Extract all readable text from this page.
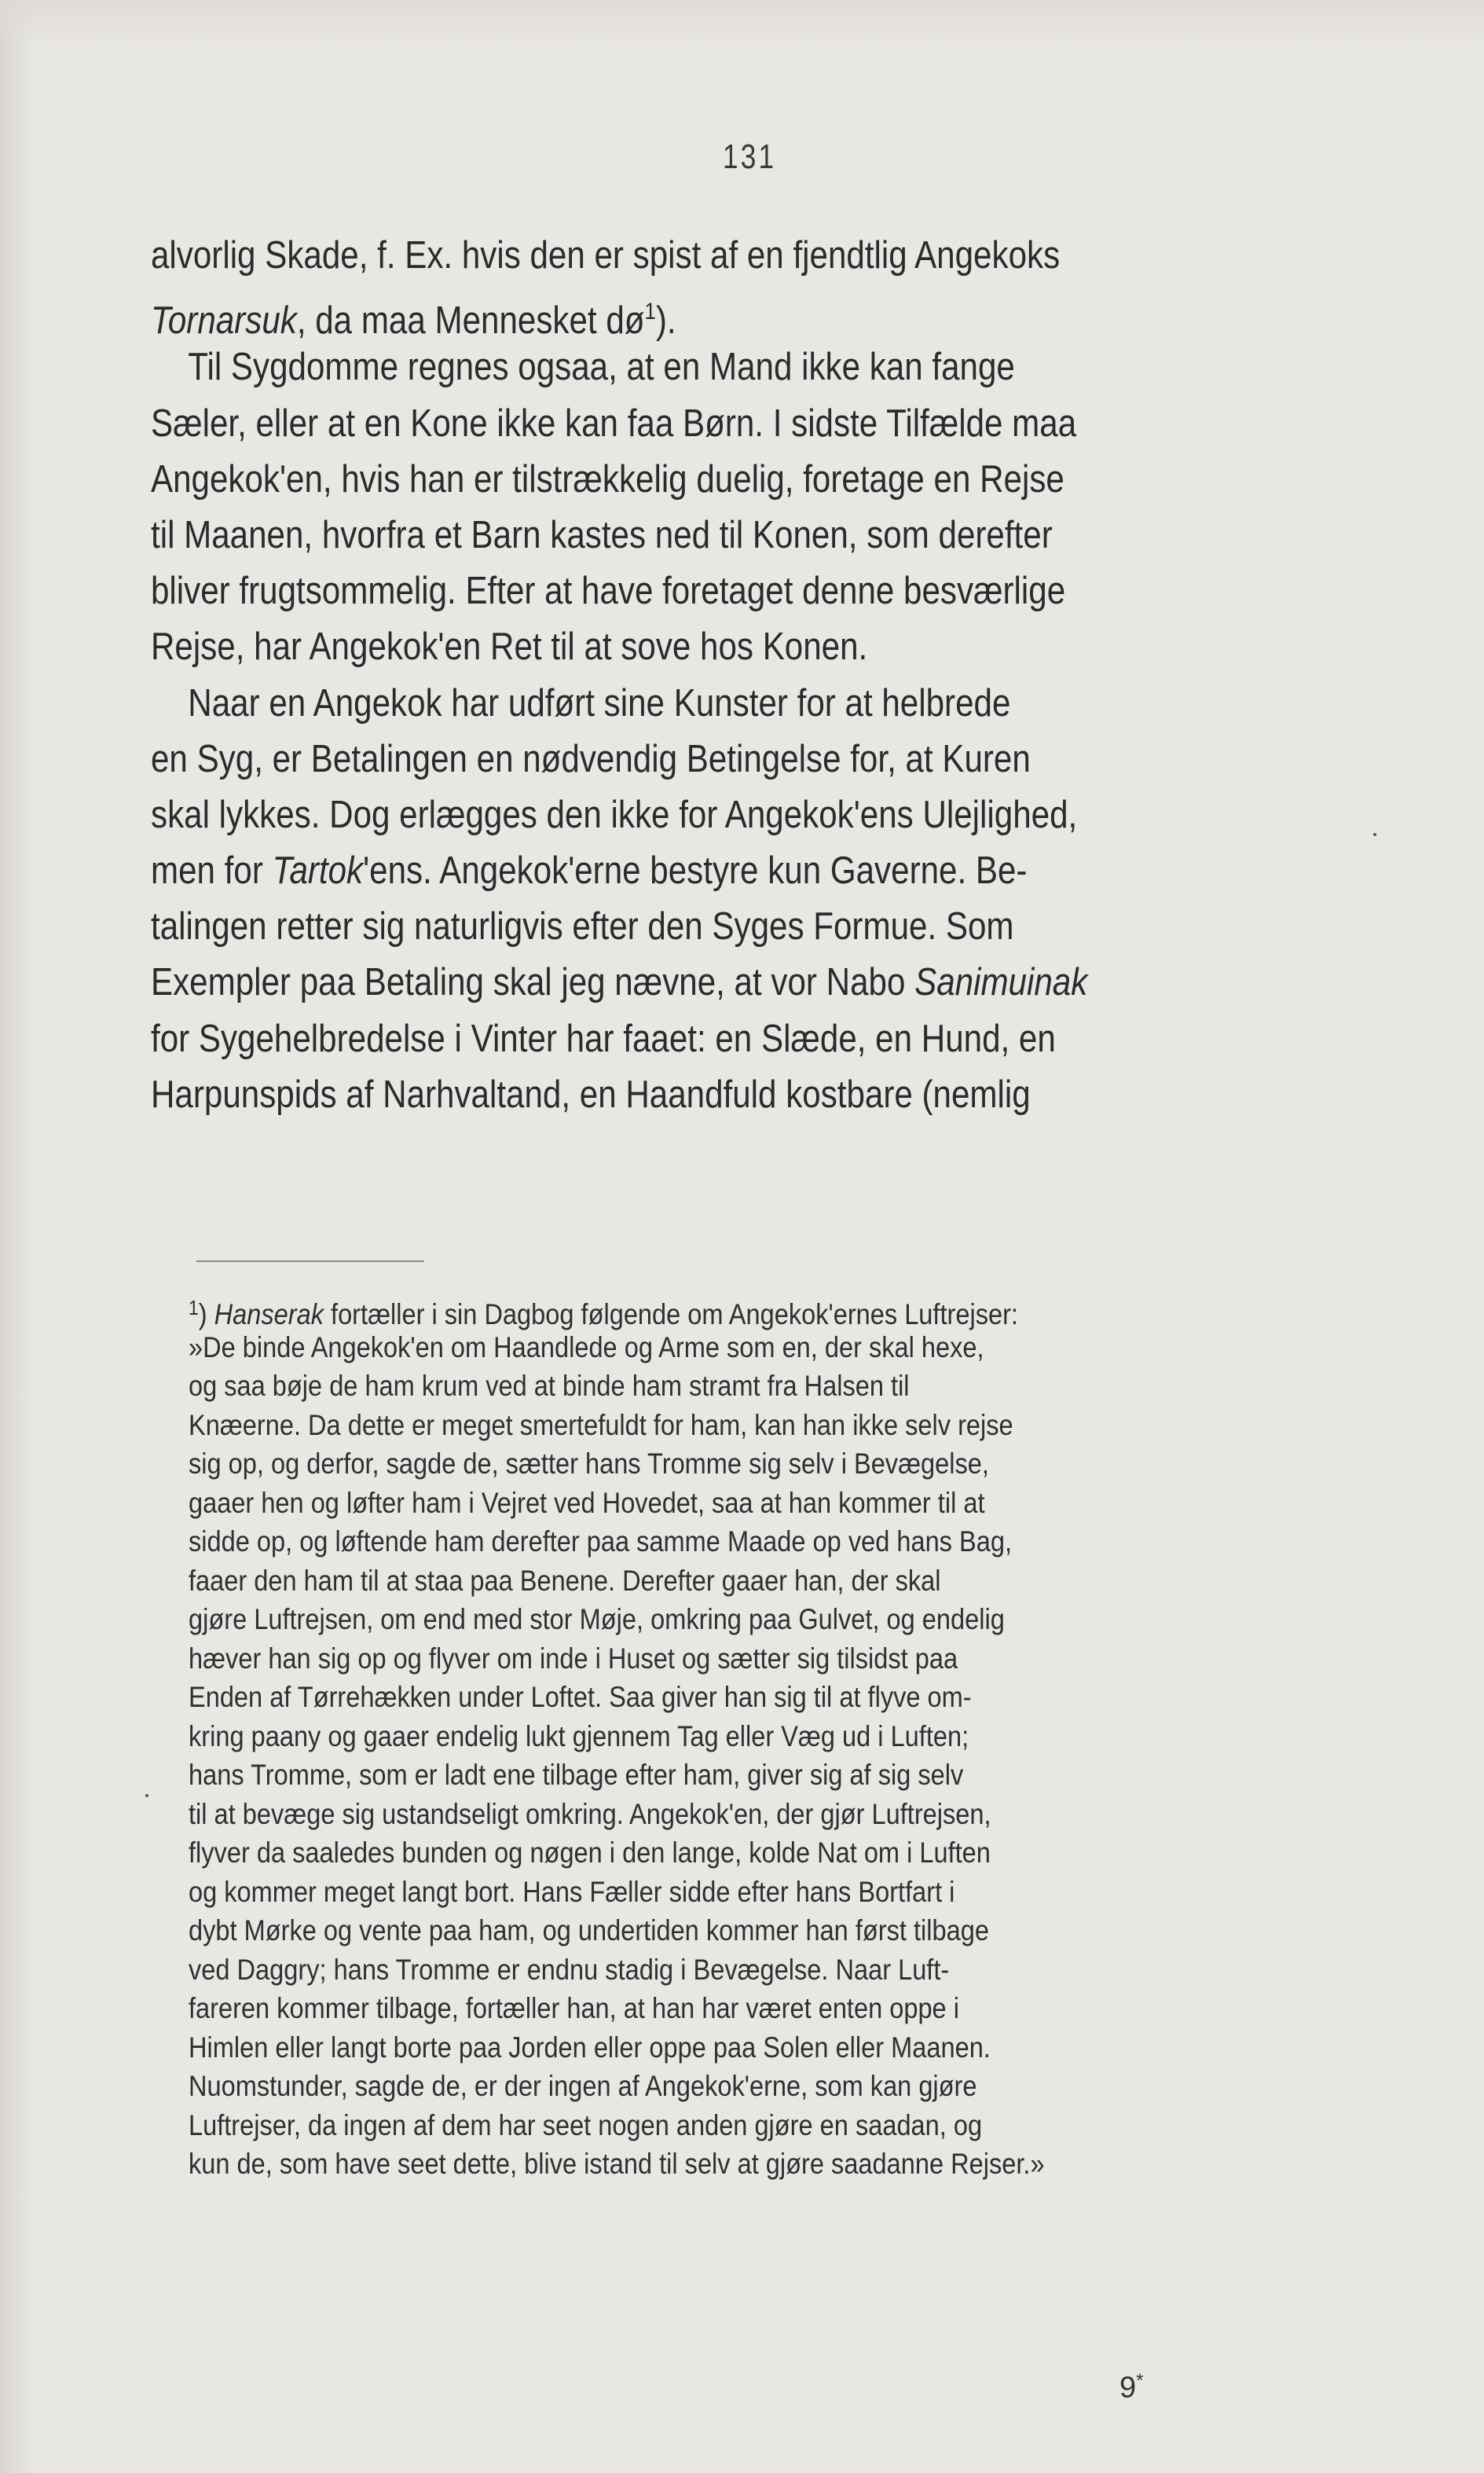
131
alvorlig Skade, f. Ex. hvis den er spist af en fjendtlig Angekoks
Tornarsuk, da maa Mennesket dø$^1$).
Til Sygdomme regnes ogsaa, at en Mand ikke kan fange
Sæler, eller at en Kone ikke kan faa Børn. I sidste Tilfælde maa
Angekok'en, hvis han er tilstrækkelig duelig, foretage en Rejse
til Maanen, hvorfra et Barn kastes ned til Konen, som derefter
bliver frugtsommelig. Efter at have foretaget denne besværlige
Rejse, har Angekok'en Ret til at sove hos Konen.
Naar en Angekok har udført sine Kunster for at helbrede
en Syg, er Betalingen en nødvendig Betingelse for, at Kuren
skal lykkes. Dog erlægges den ikke for Angekok'ens Ulejlighed,
men for Tartok'ens. Angekok'erne bestyre kun Gaverne. Be-
talingen retter sig naturligvis efter den Syges Formue. Som
Exempler paa Betaling skal jeg nævne, at vor Nabo Sanimuinak
for Sygehelbredelse i Vinter har faaet: en Slæde, en Hund, en
Harpunspids af Narhvaltand, en Haandfuld kostbare (nemlig
$^1$) Hanserak fortæller i sin Dagbog følgende om Angekok'ernes Luftrejser:
»De binde Angekok'en om Haandlede og Arme som en, der skal hexe,
og saa bøje de ham krum ved at binde ham stramt fra Halsen til
Knæerne. Da dette er meget smertefuldt for ham, kan han ikke selv rejse
sig op, og derfor, sagde de, sætter hans Tromme sig selv i Bevægelse,
gaaer hen og løfter ham i Vejret ved Hovedet, saa at han kommer til at
sidde op, og løftende ham derefter paa samme Maade op ved hans Bag,
faaer den ham til at staa paa Benene. Derefter gaaer han, der skal
gjøre Luftrejsen, om end med stor Møje, omkring paa Gulvet, og endelig
hæver han sig op og flyver om inde i Huset og sætter sig tilsidst paa
Enden af Tørrehækken under Loftet. Saa giver han sig til at flyve om-
kring paany og gaaer endelig lukt gjennem Tag eller Væg ud i Luften;
hans Tromme, som er ladt ene tilbage efter ham, giver sig af sig selv
til at bevæge sig ustandseligt omkring. Angekok'en, der gjør Luftrejsen,
flyver da saaledes bunden og nøgen i den lange, kolde Nat om i Luften
og kommer meget langt bort. Hans Fæller sidde efter hans Bortfart i
dybt Mørke og vente paa ham, og undertiden kommer han først tilbage
ved Daggry; hans Tromme er endnu stadig i Bevægelse. Naar Luft-
fareren kommer tilbage, fortæller han, at han har været enten oppe i
Himlen eller langt borte paa Jorden eller oppe paa Solen eller Maanen.
Nuomstunder, sagde de, er der ingen af Angekok'erne, som kan gjøre
Luftrejser, da ingen af dem har seet nogen anden gjøre en saadan, og
kun de, som have seet dette, blive istand til selv at gjøre saadanne Rejser.»
9*
